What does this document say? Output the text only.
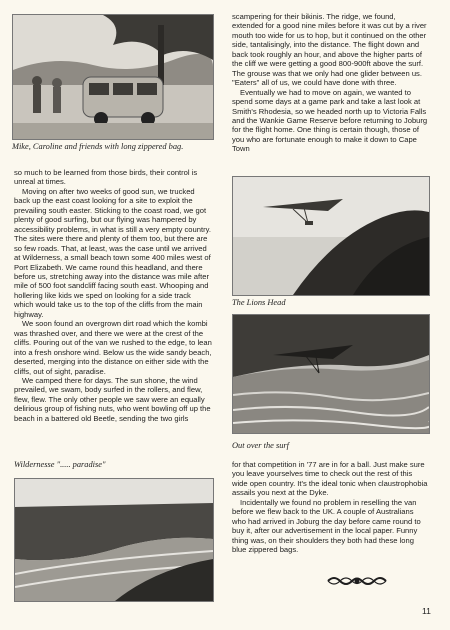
Mike, Caroline and friends with long zippered bag.

scampering for their bikinis. The ridge, we found, extended for a good nine miles before it was cut by a river mouth too wide for us to hop, but it continued on the other side, tantalisingly, into the distance. The flight down and back took roughly an hour, and above the higher parts of the cliff we were getting a good 800-900ft above the surf. The grouse was that we only had one glider between us. "Eaters" all of us, we could have done with three.

Eventually we had to move on again, we wanted to spend some days at a game park and take a last look at Smith's Rhodesia, so we headed north up to Victoria Falls and the Wankie Game Reserve before returning to Joburg for the flight home. One thing is certain though, those of you who are fortunate enough to make it down to Cape Town

so much to be learned from those birds, their control is unreal at times.

Moving on after two weeks of good sun, we trucked back up the east coast looking for a site to exploit the prevailing south easter. Sticking to the coast road, we got plenty of good surfing, but our flying was hampered by accessibility problems, in what is still a very empty country. The sites were there and plenty of them too, but there are so few roads. That, at least, was the case until we arrived at Wilderness, a small beach town some 400 miles west of Port Elizabeth. We came round this headland, and there before us, stretching away into the distance was mile after mile of 500 foot sandcliff facing south east. Whooping and hollering like kids we sped on looking for a side track which would take us to the top of the cliffs from the main highway.

We soon found an overgrown dirt road which the kombi was thrashed over, and there we were at the crest of the cliffs. Pouring out of the van we rushed to the edge, to lean into a fresh onshore wind. Below us the wide sandy beach, deserted, merging into the distance on either side with the cliffs, out of sight, paradise.

We camped there for days. The sun shone, the wind prevailed, we swam, body surfed in the rollers, and flew, flew, flew. The only other people we saw were an equally delirious group of fishing nuts, who went bowling off up the beach in a battered old Beetle, sending the two girls

The Lions Head
Out over the surf
Wildernesse "..... paradise"	for that competition in '77 are in for a ball. Just make sure you leave yourselves time to check out the rest of this wide open country. It's the ideal tonic when claustrophobia assails you next at the Dyke.

Incidentally we found no problem in reselling the van before we flew back to the UK. A couple of Australians who had arrived in Joburg the day before came round to buy it, after our advertisement in the local paper. Funny thing was, on their shoulders they both had these long blue zippered bags.

11
